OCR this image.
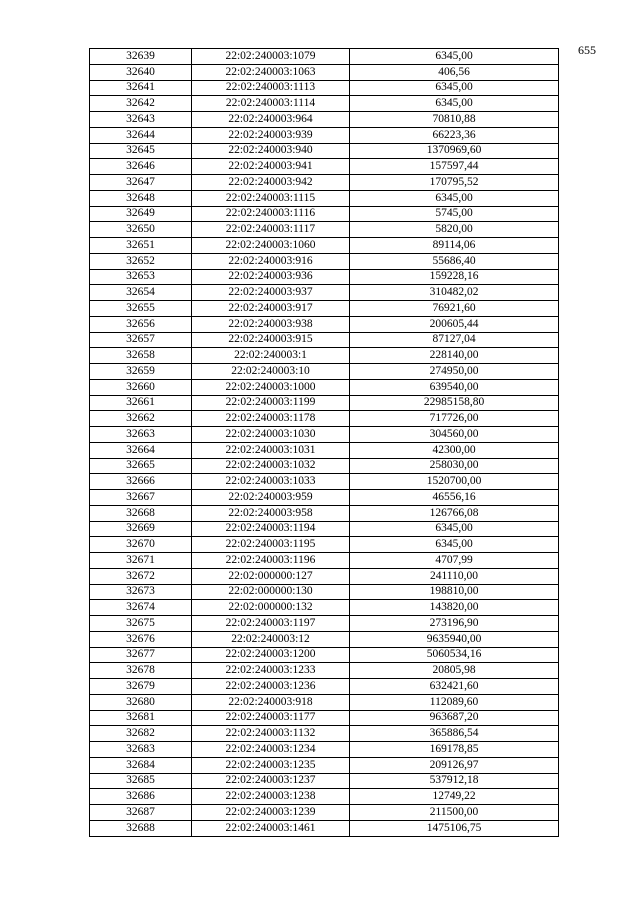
655
32639	22:02:240003:1079	6345,00
32640	22:02:240003:1063	406,56
32641	22:02:240003:1113	6345,00
32642	22:02:240003:1114	6345,00
32643	22:02:240003:964	70810,88
32644	22:02:240003:939	66223,36
32645	22:02:240003:940	1370969,60
32646	22:02:240003:941	157597,44
32647	22:02:240003:942	170795,52
32648	22:02:240003:1115	6345,00
32649	22:02:240003:1116	5745,00
32650	22:02:240003:1117	5820,00
32651	22:02:240003:1060	89114,06
32652	22:02:240003:916	55686,40
32653	22:02:240003:936	159228,16
32654	22:02:240003:937	310482,02
32655	22:02:240003:917	76921,60
32656	22:02:240003:938	200605,44
32657	22:02:240003:915	87127,04
32658	22:02:240003:1	228140,00
32659	22:02:240003:10	274950,00
32660	22:02:240003:1000	639540,00
32661	22:02:240003:1199	22985158,80
32662	22:02:240003:1178	717726,00
32663	22:02:240003:1030	304560,00
32664	22:02:240003:1031	42300,00
32665	22:02:240003:1032	258030,00
32666	22:02:240003:1033	1520700,00
32667	22:02:240003:959	46556,16
32668	22:02:240003:958	126766,08
32669	22:02:240003:1194	6345,00
32670	22:02:240003:1195	6345,00
32671	22:02:240003:1196	4707,99
32672	22:02:000000:127	241110,00
32673	22:02:000000:130	198810,00
32674	22:02:000000:132	143820,00
32675	22:02:240003:1197	273196,90
32676	22:02:240003:12	9635940,00
32677	22:02:240003:1200	5060534,16
32678	22:02:240003:1233	20805,98
32679	22:02:240003:1236	632421,60
32680	22:02:240003:918	112089,60
32681	22:02:240003:1177	963687,20
32682	22:02:240003:1132	365886,54
32683	22:02:240003:1234	169178,85
32684	22:02:240003:1235	209126,97
32685	22:02:240003:1237	537912,18
32686	22:02:240003:1238	12749,22
32687	22:02:240003:1239	211500,00
32688	22:02:240003:1461	1475106,75
